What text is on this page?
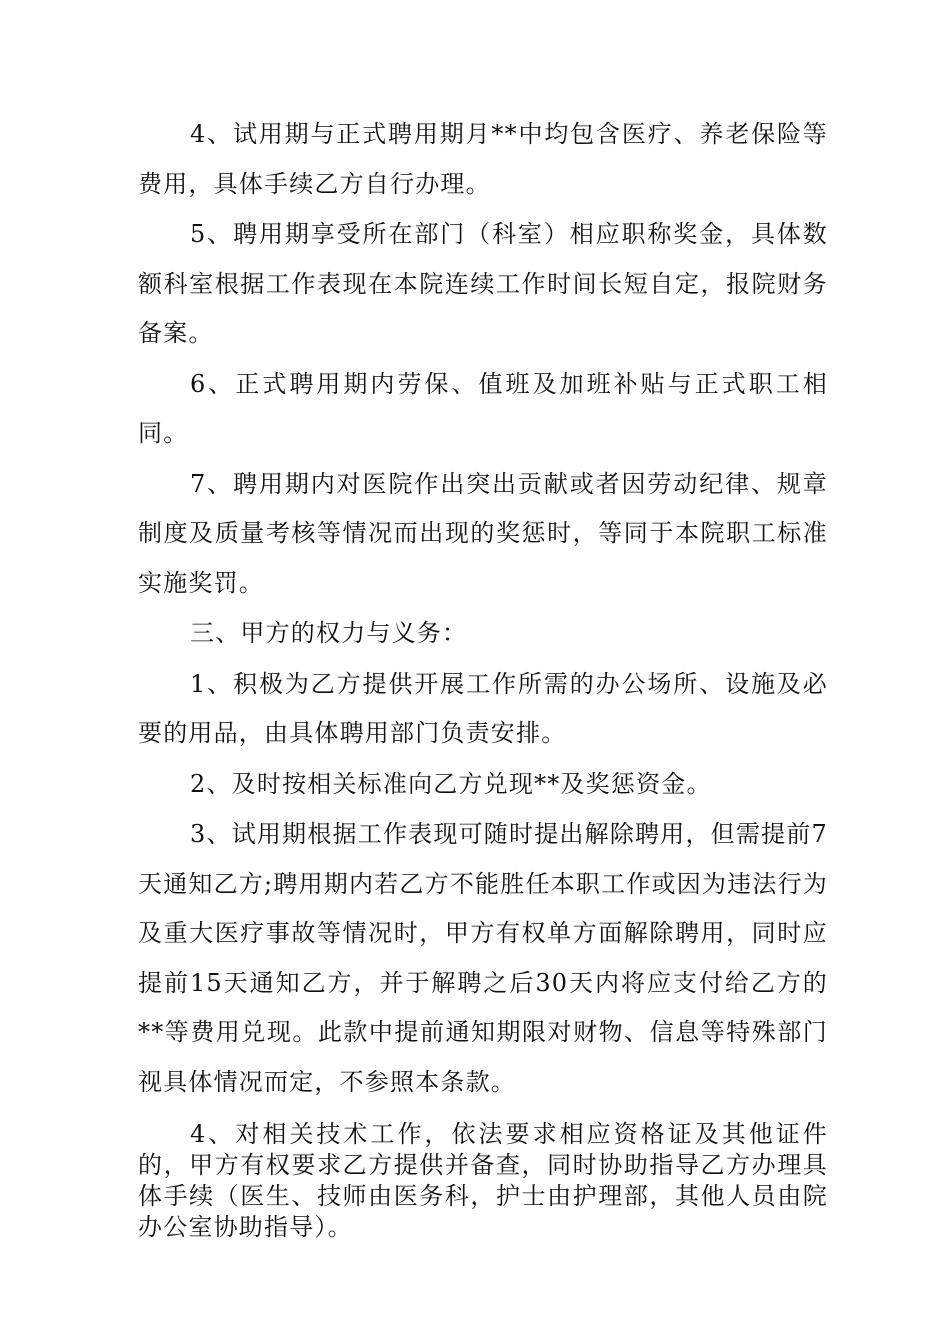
4、试用期与正式聘用期月**中均包含医疗、养老保险等费用，具体手续乙方自行办理。

5、聘用期享受所在部门（科室）相应职称奖金，具体数额科室根据工作表现在本院连续工作时间长短自定，报院财务备案。

6、正式聘用期内劳保、值班及加班补贴与正式职工相同。

7、聘用期内对医院作出突出贡献或者因劳动纪律、规章制度及质量考核等情况而出现的奖惩时，等同于本院职工标准实施奖罚。

三、甲方的权力与义务：

1、积极为乙方提供开展工作所需的办公场所、设施及必要的用品，由具体聘用部门负责安排。

2、及时按相关标准向乙方兑现**及奖惩资金。

3、试用期根据工作表现可随时提出解除聘用，但需提前7天通知乙方;聘用期内若乙方不能胜任本职工作或因为违法行为及重大医疗事故等情况时，甲方有权单方面解除聘用，同时应提前15天通知乙方，并于解聘之后30天内将应支付给乙方的**等费用兑现。此款中提前通知期限对财物、信息等特殊部门视具体情况而定，不参照本条款。

4、对相关技术工作，依法要求相应资格证及其他证件的，甲方有权要求乙方提供并备查，同时协助指导乙方办理具体手续（医生、技师由医务科，护士由护理部，其他人员由院办公室协助指导）。
